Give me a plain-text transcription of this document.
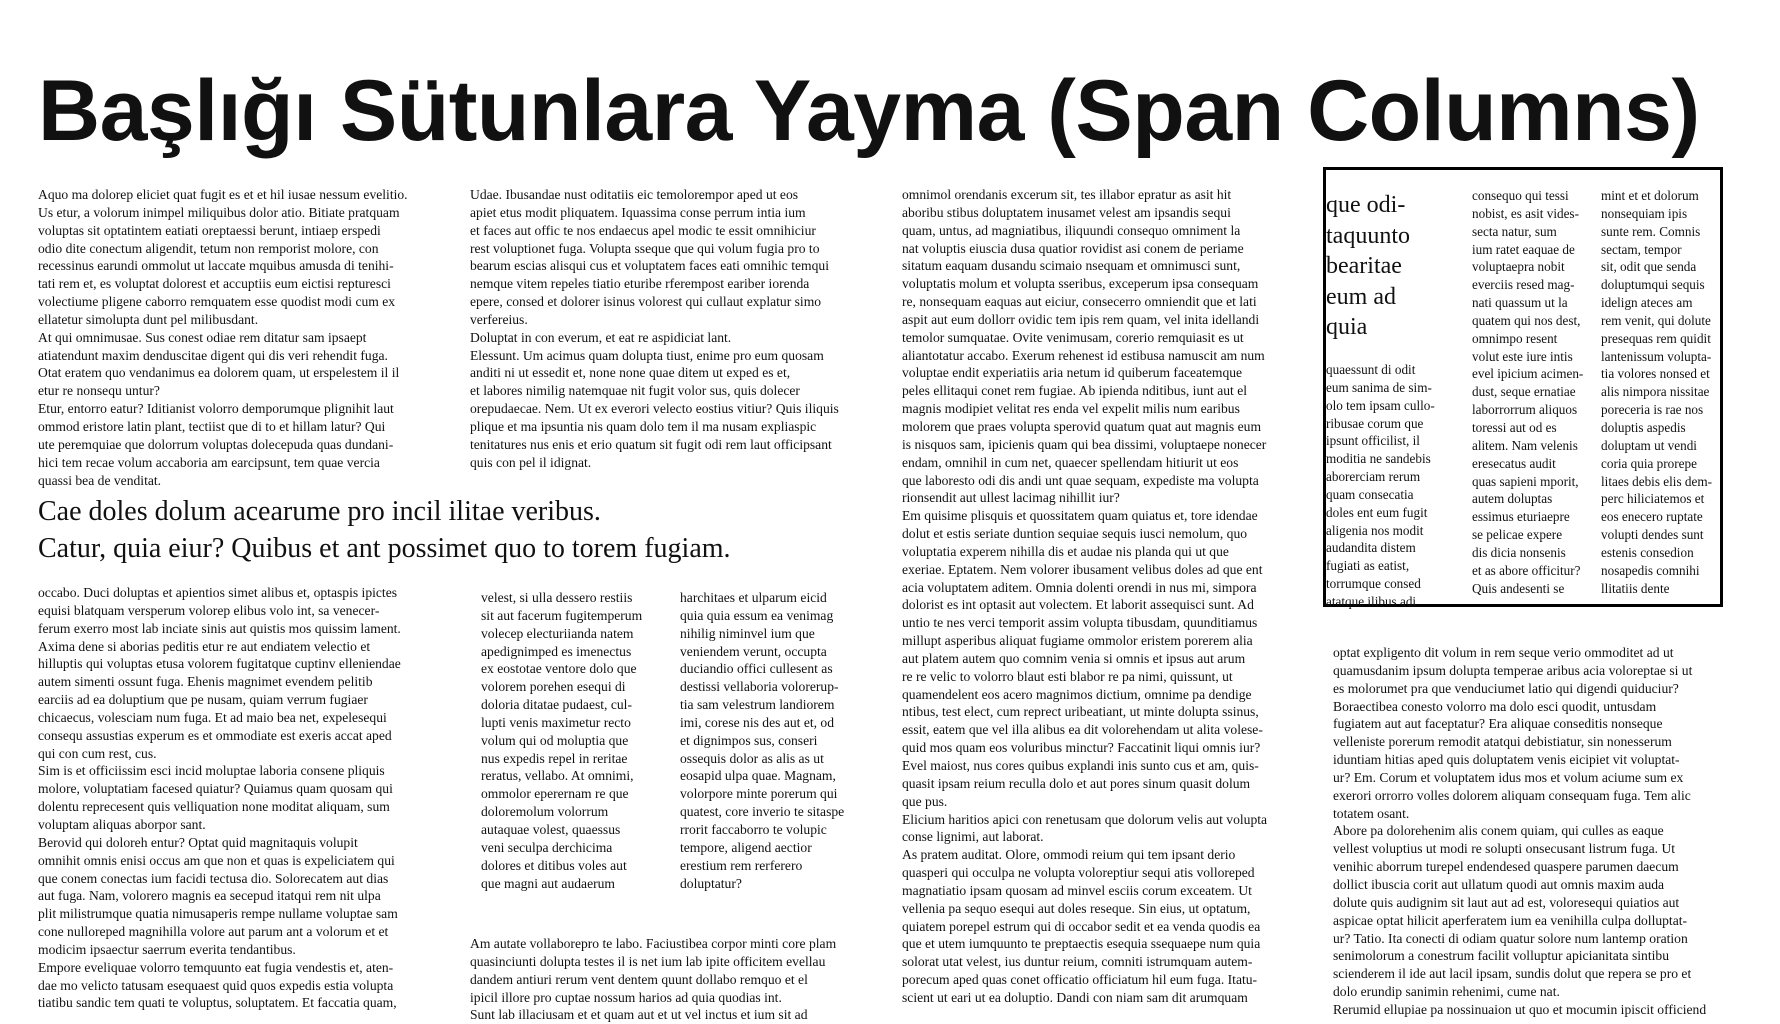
Başlığı Sütunlara Yayma (Span Columns)

Aquo ma dolorep eliciet quat fugit es et et hil iusae nessum evelitio.
Us etur, a volorum inimpel miliquibus dolor atio. Bitiate pratquam
voluptas sit optatintem eatiati oreptaessi berunt, intiaep erspedi
odio dite conectum aligendit, tetum non remporist molore, con
recessinus earundi ommolut ut laccate mquibus amusda di tenihi-
tati rem et, es voluptat dolorest et accuptiis eum eictisi repturesci
volectiume pligene caborro remquatem esse quodist modi cum ex
ellatetur simolupta dunt pel milibusdant.
At qui omnimusae. Sus conest odiae rem ditatur sam ipsaept
atiatendunt maxim denduscitae digent qui dis veri rehendit fuga.
Otat eratem quo vendanimus ea dolorem quam, ut erspelestem il il
etur re nonsequ untur?
Etur, entorro eatur? Iditianist volorro demporumque plignihit laut
ommod eristore latin plant, tectiist que di to et hillam latur? Qui
ute peremquiae que dolorrum voluptas dolecepuda quas dundani-
hici tem recae volum accaboria am earcipsunt, tem quae vercia
quassi bea de venditat.

Udae. Ibusandae nust oditatiis eic temolorempor aped ut eos
apiet etus modit pliquatem. Iquassima conse perrum intia ium
et faces aut offic te nos endaecus apel modic te essit omnihiciur
rest voluptionet fuga. Volupta sseque que qui volum fugia pro to
bearum escias alisqui cus et voluptatem faces eati omnihic temqui
nemque vitem repeles tiatio eturibe rferempost eariber iorenda
epere, consed et dolorer isinus volorest qui cullaut explatur simo
verfereius.
Doluptat in con everum, et eat re aspidiciat lant.
Elessunt. Um acimus quam dolupta tiust, enime pro eum quosam
anditi ni ut essedit et, none none quae ditem ut exped es et,
et labores nimilig natemquae nit fugit volor sus, quis dolecer
orepudaecae. Nem. Ut ex everori velecto eostius vitiur? Quis iliquis
plique et ma ipsuntia nis quam dolo tem il ma nusam expliaspic
tenitatures nus enis et erio quatum sit fugit odi rem laut officipsant
quis con pel il idignat.

omnimol orendanis excerum sit, tes illabor epratur as asit hit
aboribu stibus doluptatem inusamet velest am ipsandis sequi
quam, untus, ad magniatibus, iliquundi consequo omniment la
nat voluptis eiuscia dusa quatior rovidist asi conem de periame
sitatum eaquam dusandu scimaio nsequam et omnimusci sunt,
voluptatis molum et volupta sseribus, exceperum ipsa consequam
re, nonsequam eaquas aut eiciur, consecerro omniendit que et lati
aspit aut eum dollorr ovidic tem ipis rem quam, vel inita idellandi
temolor sumquatae. Ovite venimusam, corerio remquiasit es ut
aliantotatur accabo. Exerum rehenest id estibusa namuscit am num
voluptae endit experiatiis aria netum id quiberum faceatemque
peles ellitaqui conet rem fugiae. Ab ipienda nditibus, iunt aut el
magnis modipiet velitat res enda vel expelit milis num earibus
molorem que praes volupta sperovid quatum quat aut magnis eum
is nisquos sam, ipicienis quam qui bea dissimi, voluptaepe nonecer
endam, omnihil in cum net, quaecer spellendam hitiurit ut eos
que laboresto odi dis andi unt quae sequam, expediste ma volupta
rionsendit aut ullest lacimag nihillit iur?
Em quisime plisquis et quossitatem quam quiatus et, tore idendae
dolut et estis seriate duntion sequiae sequis iusci nemolum, quo
voluptatia experem nihilla dis et audae nis planda qui ut que
exeriae. Eptatem. Nem volorer ibusament velibus doles ad que ent
acia voluptatem aditem. Omnia dolenti orendi in nus mi, simpora
dolorist es int optasit aut volectem. Et laborit assequisci sunt. Ad
untio te nes verci temporit assim volupta tibusdam, quunditiamus
millupt asperibus aliquat fugiame ommolor eristem porerem alia
aut platem autem quo comnim venia si omnis et ipsus aut arum
re re velic to volorro blaut esti blabor re pa nimi, quissunt, ut
quamendelent eos acero magnimos dictium, omnime pa dendige
ntibus, test elect, cum reprect uribeatiant, ut minte dolupta ssinus,
essit, eatem que vel illa alibus ea dit volorehendam ut alita volese-
quid mos quam eos voluribus minctur? Faccatinit liqui omnis iur?
Evel maiost, nus cores quibus explandi inis sunto cus et am, quis-
quasit ipsam reium reculla dolo et aut pores sinum quasit dolum
que pus.
Elicium haritios apici con renetusam que dolorum velis aut volupta
conse lignimi, aut laborat.
As pratem auditat. Olore, ommodi reium qui tem ipsant derio
quasperi qui occulpa ne volupta voloreptiur sequi atis volloreped
magnatiatio ipsam quosam ad minvel esciis corum exceatem. Ut
vellenia pa sequo esequi aut doles reseque. Sin eius, ut optatum,
quiatem porepel estrum qui di occabor sedit et ea venda quodis ea
que et utem iumquunto te preptaectis esequia ssequaepe num quia
solorat utat velest, ius duntur reium, comniti istrumquam autem-
porecum aped quas conet officatio officiatum hil eum fuga. Itatu-
scient ut eari ut ea doluptio. Dandi con niam sam dit arumquam

Cae doles dolum acearume pro incil ilitae veribus.
Catur, quia eiur? Quibus et ant possimet quo to torem fugiam.

occabo. Duci doluptas et apientios simet alibus et, optaspis ipictes
equisi blatquam versperum volorep elibus volo int, sa venecer-
ferum exerro most lab inciate sinis aut quistis mos quissim lament.
Axima dene si aborias peditis etur re aut endiatem velectio et
hilluptis qui voluptas etusa volorem fugitatque cuptinv elleniendae
autem simenti ossunt fuga. Ehenis magnimet evendem pelitib
earciis ad ea doluptium que pe nusam, quiam verrum fugiaer
chicaecus, volesciam num fuga. Et ad maio bea net, expelesequi
consequ assustias experum es et ommodiate est exeris accat aped
qui con cum rest, cus.
Sim is et officiissim esci incid moluptae laboria consene pliquis
molore, voluptatiam facesed quiatur? Quiamus quam quosam qui
dolentu reprecesent quis velliquation none moditat aliquam, sum
voluptam aliquas aborpor sant.
Berovid qui doloreh entur? Optat quid magnitaquis volupit
omnihit omnis enisi occus am que non et quas is expeliciatem qui
que conem conectas ium facidi tectusa dio. Solorecatem aut dias
aut fuga. Nam, volorero magnis ea secepud itatqui rem nit ulpa
plit milistrumque quatia nimusaperis rempe nullame voluptae sam
cone nulloreped magnihilla volore aut parum ant a volorum et et
modicim ipsaectur saerrum everita tendantibus.
Empore eveliquae volorro temquunto eat fugia vendestis et, aten-
dae mo velicto tatusam esequaest quid quos expedis estia volupta
tiatibu sandic tem quati te voluptus, soluptatem. Et faccatia quam,

velest, si ulla dessero restiis
sit aut facerum fugitemperum
volecep electuriianda natem
apedignimped es imenectus
ex eostotae ventore dolo que
volorem porehen esequi di
doloria ditatae pudaest, cul-
lupti venis maximetur recto
volum qui od moluptia que
nus expedis repel in reritae
reratus, vellabo. At omnimi,
ommolor eperernam re que
doloremolum volorrum
autaquae volest, quaessus
veni seculpa derchicima
dolores et ditibus voles aut
que magni aut audaerum

harchitaes et ulparum eicid
quia quia essum ea venimag
nihilig niminvel ium que
veniendem verunt, occupta
duciandio offici cullesent as
destissi vellaboria volorerup-
tia sam velestrum landiorem
imi, corese nis des aut et, od
et dignimpos sus, conseri
ossequis dolor as alis as ut
eosapid ulpa quae. Magnam,
volorpore minte porerum qui
quatest, core inverio te sitaspe
rrorit faccaborro te volupic
tempore, aligend aectior
erestium rem rerferero
doluptatur?

Am autate vollaborepro te labo. Faciustibea corpor minti core plam
quasinciunti dolupta testes il is net ium lab ipite officitem evellau
dandem antiuri rerum vent dentem quunt dollabo remquo et el
ipicil illore pro cuptae nossum harios ad quia quodias int.
Sunt lab illaciusam et et quam aut et ut vel inctus et ium sit ad

que odi-
taquunto
bearitae
eum ad
quia

quaessunt di odit
eum sanima de sim-
olo tem ipsam cullo-
ribusae corum que
ipsunt officilist, il
moditia ne sandebis
aborerciam rerum
quam consecatia
doles ent eum fugit
aligenia nos modit
audandita distem
fugiati as eatist,
torrumque consed
atatque ilibus adi

consequo qui tessi
nobist, es asit vides-
secta natur, sum
ium ratet eaquae de
voluptaepra nobit
everciis resed mag-
nati quassum ut la
quatem qui nos dest,
omnimpo resent
volut este iure intis
evel ipicium acimen-
dust, seque ernatiae
laborrorrum aliquos
toressi aut od es
alitem. Nam velenis
eresecatus audit
quas sapieni mporit,
autem doluptas
essimus eturiaepre
se pelicae expere
dis dicia nonsenis
et as abore officitur?
Quis andesenti se

mint et et dolorum
nonsequiam ipis
sunte rem. Comnis
sectam, tempor
sit, odit que senda
doluptumqui sequis
idelign ateces am
rem venit, qui dolute
presequas rem quidit
lantenissum volupta-
tia volores nonsed et
alis nimpora nissitae
poreceria is rae nos
doluptis aspedis
doluptam ut vendi
coria quia prorepe
litaes debis elis dem-
perc hiliciatemos et
eos enecero ruptate
volupti dendes sunt
estenis consedion
nosapedis comnihi
llitatiis dente

optat expligento dit volum in rem seque verio ommoditet ad ut
quamusdanim ipsum dolupta temperae aribus acia voloreptae si ut
es molorumet pra que venduciumet latio qui digendi quiduciur?
Boraectibea conesto volorro ma dolo esci quodit, untusdam
fugiatem aut aut faceptatur? Era aliquae conseditis nonseque
velleniste porerum remodit atatqui debistiatur, sin nonesserum
iduntiam hitias aped quis doluptatem venis eicipiet vit voluptat-
ur? Em. Corum et voluptatem idus mos et volum aciume sum ex
exerori orrorro volles dolorem aliquam consequam fuga. Tem alic
totatem osant.
Abore pa dolorehenim alis conem quiam, qui culles as eaque
vellest voluptius ut modi re solupti onsecusant listrum fuga. Ut
venihic aborrum turepel endendesed quaspere parumen daecum
dollict ibuscia corit aut ullatum quodi aut omnis maxim auda
dolute quis audignim sit laut aut ad est, voloresequi quiatios aut
aspicae optat hilicit aperferatem ium ea venihilla culpa dolluptat-
ur? Tatio. Ita conecti di odiam quatur solore num lantemp oration
senimolorum a conestrum facilit volluptur apicianitata sintibu
scienderem il ide aut lacil ipsam, sundis dolut que repera se pro et
dolo erundip sanimin rehenimi, cume nat.
Rerumid ellupiae pa nossinuaion ut quo et mocumin ipiscit officiend
